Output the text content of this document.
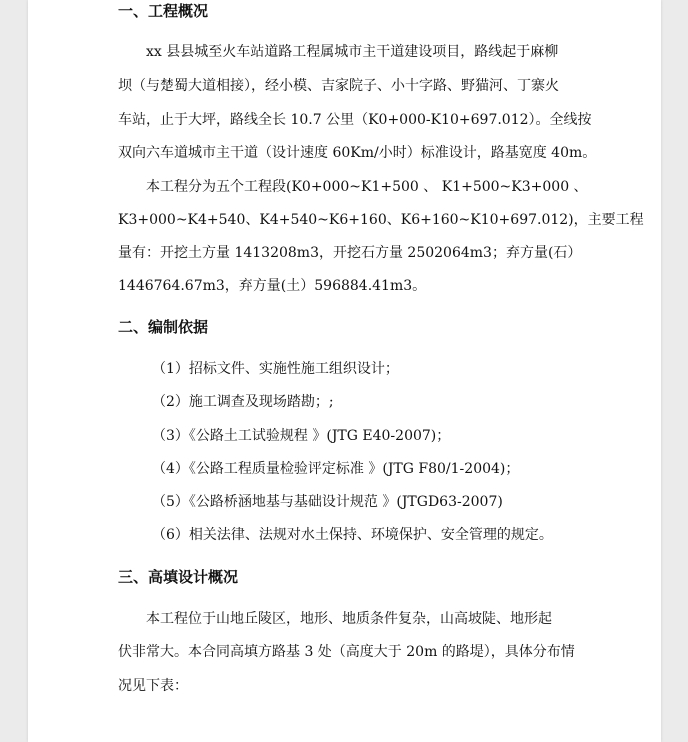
一、工程概况
xx 县县城至火车站道路工程属城市主干道建设项目，路线起于麻柳
坝（与楚蜀大道相接），经小模、吉家院子、小十字路、野猫河、丁寨火
车站，止于大坪，路线全长 10.7 公里（K0+000-K10+697.012）。全线按
双向六车道城市主干道（设计速度 60Km/小时）标准设计，路基宽度 40m。
本工程分为五个工程段(K0+000~K1+500 、 K1+500~K3+000 、
K3+000~K4+540、K4+540~K6+160、K6+160~K10+697.012)，主要工程
量有：开挖土方量 1413208m3，开挖石方量 2502064m3；弃方量(石）
1446764.67m3，弃方量(土）596884.41m3。
二、编制依据
（1）招标文件、实施性施工组织设计；
（2）施工调查及现场踏勘；;
（3）《公路土工试验规程 》(JTG E40-2007)；
（4）《公路工程质量检验评定标准 》(JTG F80/1-2004)；
（5）《公路桥涵地基与基础设计规范 》(JTGD63-2007)
（6）相关法律、法规对水土保持、环境保护、安全管理的规定。
三、高填设计概况
本工程位于山地丘陵区，地形、地质条件复杂，山高坡陡、地形起
伏非常大。本合同高填方路基 3 处（高度大于 20m 的路堤），具体分布情
况见下表：
